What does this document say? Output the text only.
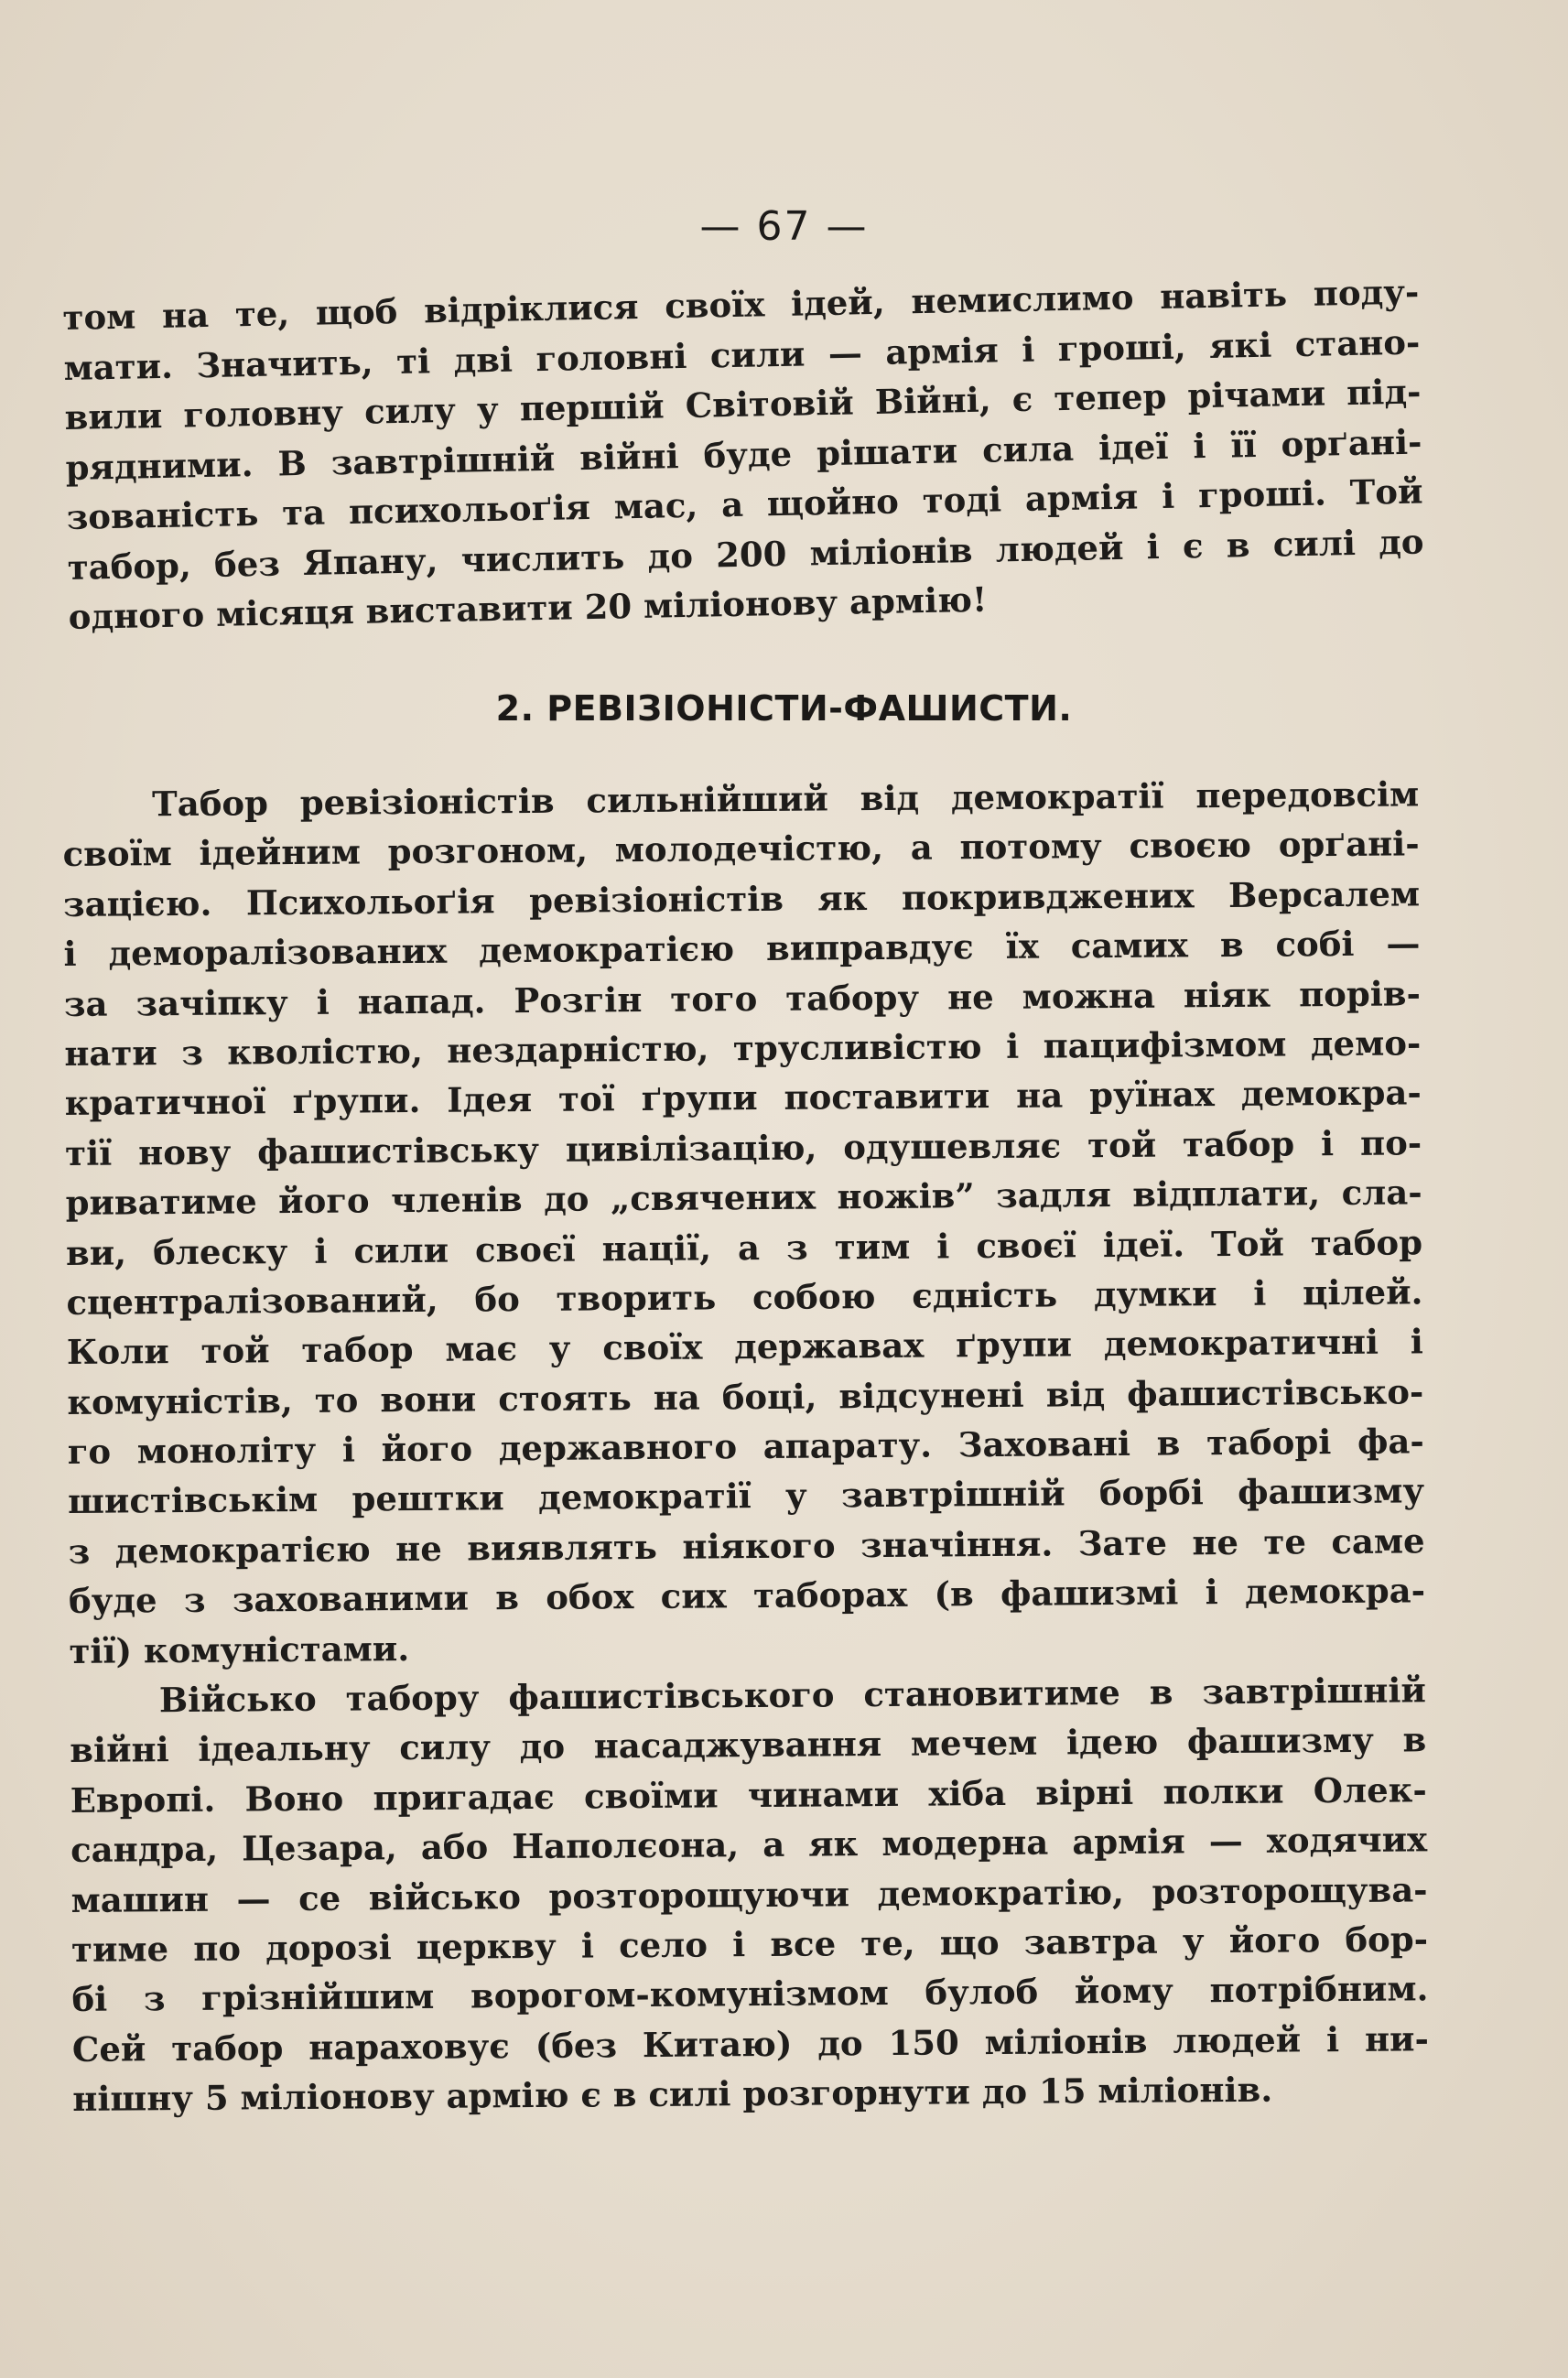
— 67 —
том на те, щоб відріклися своїх ідей, немислимо навіть поду-
мати. Значить, ті дві головні сили — армія і гроші, які стано-
вили головну силу у першій Світовій Війні, є тепер річами під-
рядними. В завтрішній війні буде рішати сила ідеї і її орґані-
зованість та психольоґія мас, а щойно тоді армія і гроші. Той
табор, без Япану, числить до 200 міліонів людей і є в силі до
одного місяця виставити 20 міліонову армію!
2. РЕВІЗІОНІСТИ-ФАШИСТИ.
Табор ревізіоністів сильнійший від демократії передовсім
своїм ідейним розгоном, молодечістю, а потому своєю орґані-
зацією. Психольоґія ревізіоністів як покривджених Версалем
і деморалізованих демократією виправдує їх самих в собі —
за зачіпку і напад. Розгін того табору не можна ніяк порів-
нати з кволістю, нездарністю, трусливістю і пацифізмом демо-
кратичної ґрупи. Ідея тої ґрупи поставити на руїнах демокра-
тії нову фашистівську цивілізацію, одушевляє той табор і по-
риватиме його членів до „свячених ножів” задля відплати, сла-
ви, блеску і сили своєї нації, а з тим і своєї ідеї. Той табор
сцентралізований, бо творить собою єдність думки і цілей.
Коли той табор має у своїх державах ґрупи демократичні і
комуністів, то вони стоять на боці, відсунені від фашистівсько-
го моноліту і його державного апарату. Заховані в таборі фа-
шистівськім рештки демократії у завтрішній борбі фашизму
з демократією не виявлять ніякого значіння. Зате не те саме
буде з захованими в обох сих таборах (в фашизмі і демокра-
тії) комуністами.
Військо табору фашистівського становитиме в завтрішній
війні ідеальну силу до насаджування мечем ідею фашизму в
Европі. Воно пригадає своїми чинами хіба вірні полки Олек-
сандра, Цезара, або Наполєона, а як модерна армія — ходячих
машин — се військо розторощуючи демократію, розторощува-
тиме по дорозі церкву і село і все те, що завтра у його бор-
бі з грізнійшим ворогом-комунізмом булоб йому потрібним.
Сей табор нараховує (без Китаю) до 150 міліонів людей і ни-
нішну 5 міліонову армію є в силі розгорнути до 15 міліонів.
